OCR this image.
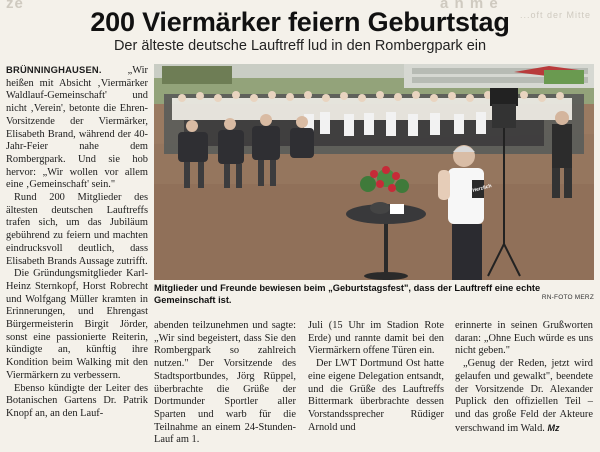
ze	a n m e
...oft der Mitte
200 Viermärker feiern Geburtstag
Der älteste deutsche Lauftreff lud in den Rombergpark ein
Herzlich
Mitglieder und Freunde bewiesen beim „Geburtstagsfest", dass der Lauftreff eine echte Gemeinschaft ist.	RN-FOTO MERZ

BRÜNNINGHAUSEN. „Wir heißen mit Absicht ‚Viermärker Waldlauf-Gemeinschaft' und nicht ‚Verein', betonte die Ehren-Vorsitzende der Viermärker, Elisabeth Brand, während der 40-Jahr-Feier nahe dem Rombergpark. Und sie hob hervor: „Wir wollen vor allem eine ‚Gemeinschaft' sein."

Rund 200 Mitglieder des ältesten deutschen Lauftreffs trafen sich, um das Jubiläum gebührend zu feiern und machten eindrucksvoll deutlich, dass Elisabeth Brands Aussage zutrifft.

Die Gründungsmitglieder Karl-Heinz Sternkopf, Horst Robrecht und Wolfgang Müller kramten in Erinnerungen, und Ehrengast Bürgermeisterin Birgit Jörder, sonst eine passionierte Reiterin, kündigte an, künftig ihre Kondition beim Walking mit den Viermärkern zu verbessern.

Ebenso kündigte der Leiter des Botanischen Gartens Dr. Patrik Knopf an, an den Lauf-

abenden teilzunehmen und sagte: „Wir sind begeistert, dass Sie den Rombergpark so zahlreich nutzen." Der Vorsitzende des Stadtsportbundes, Jörg Rüppel, überbrachte die Grüße der Dortmunder Sportler aller Sparten und warb für die Teilnahme an einem 24-Stunden-Lauf am 1.

Juli (15 Uhr im Stadion Rote Erde) und rannte damit bei den Viermärkern offene Türen ein.

Der LWT Dortmund Ost hatte eine eigene Delegation entsandt, und die Grüße des Lauftreffs Bittermark überbrachte dessen Vorstandssprecher Rüdiger Arnold und

erinnerte in seinen Grußworten daran: „Ohne Euch würde es uns nicht geben."

„Genug der Reden, jetzt wird gelaufen und gewalkt", beendete der Vorsitzende Dr. Alexander Puplick den offiziellen Teil – und das große Feld der Akteure verschwand im Wald. Mz
